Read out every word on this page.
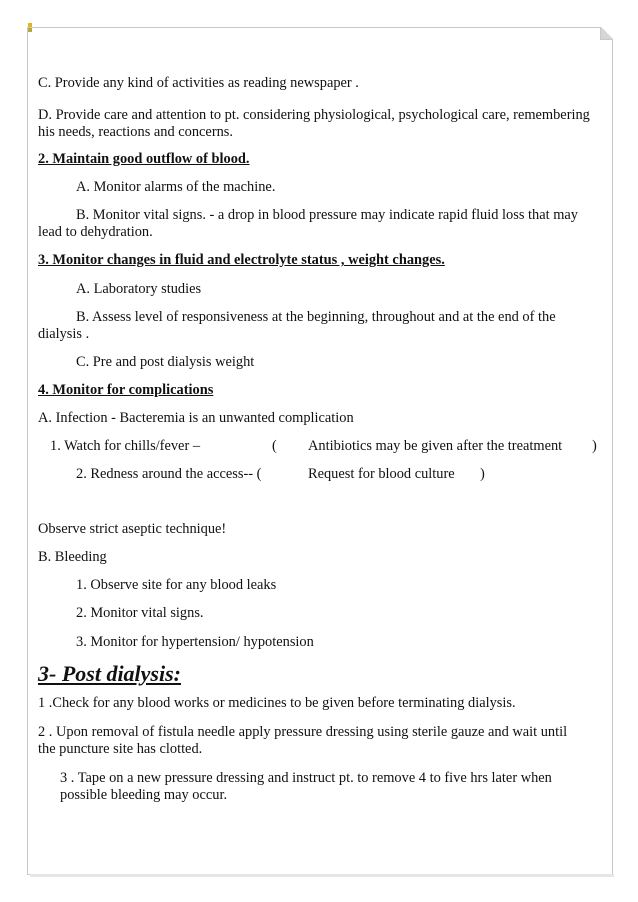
C. Provide any kind of activities as reading newspaper .
D. Provide care and attention to pt. considering physiological, psychological care, remembering his needs, reactions and concerns.
2. Maintain good outflow of blood.
A. Monitor alarms of the machine.
B. Monitor vital signs. - a drop in blood pressure may indicate rapid fluid loss that may
lead to dehydration.
3. Monitor changes in fluid and electrolyte status , weight changes.
A. Laboratory studies
B. Assess level of responsiveness at the beginning, throughout and at the end of the
dialysis .
C. Pre and post dialysis weight
4. Monitor for complications
A. Infection - Bacteremia is an unwanted complication
1. Watch for chills/fever –	( Antibiotics may be given after the treatment )
2. Redness around the access-- (	Request for blood culture )
Observe strict aseptic technique!
B. Bleeding
1. Observe site for any blood leaks
2. Monitor vital signs.
3. Monitor for hypertension/ hypotension
3- Post dialysis:
1 .Check for any blood works or medicines to be given before terminating dialysis.
2 . Upon removal of fistula needle apply pressure dressing using sterile gauze and wait until
the puncture site has clotted.
3 . Tape on a new pressure dressing and instruct pt. to remove 4 to five hrs later when
possible bleeding may occur.
